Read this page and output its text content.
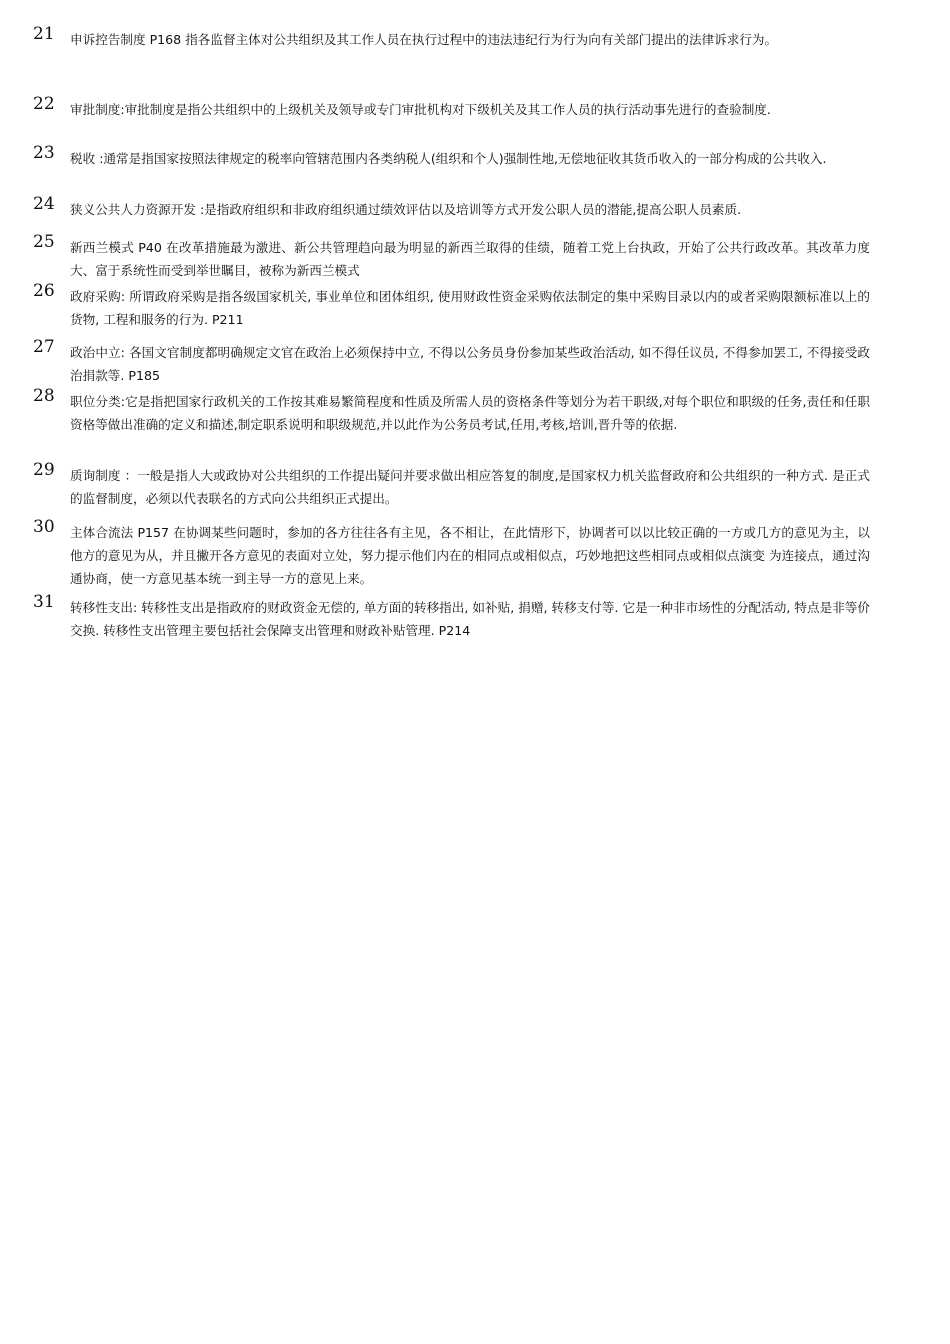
21 申诉控告制度 P168 指各监督主体对公共组织及其工作人员在执行过程中的违法违纪行为行为向有关部门提出的法律诉求行为。
22 审批制度:审批制度是指公共组织中的上级机关及领导或专门审批机构对下级机关及其工作人员的执行活动事先进行的查验制度.
23 税收 :通常是指国家按照法律规定的税率向管辖范围内各类纳税人(组织和个人)强制性地,无偿地征收其货币收入的一部分构成的公共收入.
24 狭义公共人力资源开发 :是指政府组织和非政府组织通过绩效评估以及培训等方式开发公职人员的潜能,提高公职人员素质.
25 新西兰模式 P40 在改革措施最为激进、新公共管理趋向最为明显的新西兰取得的佳绩，随着工党上台执政，开始了公共行政改革。其改革力度大、富于系统性而受到举世瞩目，被称为新西兰模式
26 政府采购: 所谓政府采购是指各级国家机关, 事业单位和团体组织, 使用财政性资金采购依法制定的集中采购目录以内的或者采购限额标准以上的货物, 工程和服务的行为. P211
27 政治中立: 各国文官制度都明确规定文官在政治上必须保持中立, 不得以公务员身份参加某些政治活动, 如不得任议员, 不得参加罢工, 不得接受政治捐款等. P185
28 职位分类:它是指把国家行政机关的工作按其难易繁简程度和性质及所需人员的资格条件等划分为若干职级,对每个职位和职级的任务,责任和任职资格等做出准确的定义和描述,制定职系说明和职级规范,并以此作为公务员考试,任用,考核,培训,晋升等的依据.
29 质询制度 ：一般是指人大或政协对公共组织的工作提出疑问并要求做出相应答复的制度,是国家权力机关监督政府和公共组织的一种方式. 是正式的监督制度，必须以代表联名的方式向公共组织正式提出。
30 主体合流法 P157 在协调某些问题时，参加的各方往往各有主见，各不相让，在此情形下，协调者可以以比较正确的一方或几方的意见为主，以他方的意见为从，并且撇开各方意见的表面对立处，努力提示他们内在的相同点或相似点，巧妙地把这些相同点或相似点演变 为连接点，通过沟通协商，使一方意见基本统一到主导一方的意见上来。
31 转移性支出: 转移性支出是指政府的财政资金无偿的, 单方面的转移指出, 如补贴, 捐赠, 转移支付等. 它是一种非市场性的分配活动, 特点是非等价交换. 转移性支出管理主要包括社会保障支出管理和财政补贴管理. P214
